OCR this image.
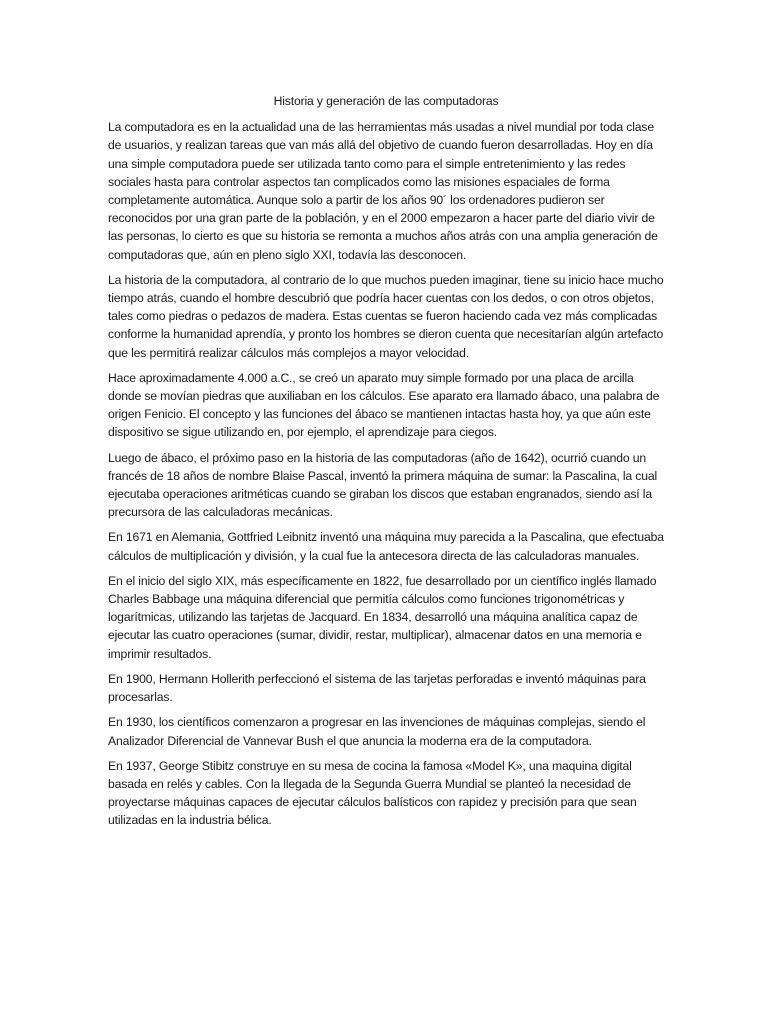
Historia y generación de las computadoras

La computadora es en la actualidad una de las herramientas más usadas a nivel mundial por toda clase de usuarios, y realizan tareas que van más allá del objetivo de cuando fueron desarrolladas. Hoy en día una simple computadora puede ser utilizada tanto como para el simple entretenimiento y las redes sociales hasta para controlar aspectos tan complicados como las misiones espaciales de forma completamente automática. Aunque solo a partir de los años 90´ los ordenadores pudieron ser reconocidos por una gran parte de la población, y en el 2000 empezaron a hacer parte del diario vivir de las personas, lo cierto es que su historia se remonta a muchos años atrás con una amplia generación de computadoras que, aún en pleno siglo XXI, todavía las desconocen.

La historia de la computadora, al contrario de lo que muchos pueden imaginar, tiene su inicio hace mucho tiempo atrás, cuando el hombre descubrió que podría hacer cuentas con los dedos, o con otros objetos, tales como piedras o pedazos de madera. Estas cuentas se fueron haciendo cada vez más complicadas conforme la humanidad aprendía, y pronto los hombres se dieron cuenta que necesitarían algún artefacto que les permitirá realizar cálculos más complejos a mayor velocidad.

Hace aproximadamente 4.000 a.C., se creó un aparato muy simple formado por una placa de arcilla donde se movían piedras que auxiliaban en los cálculos. Ese aparato era llamado ábaco, una palabra de origen Fenicio. El concepto y las funciones del ábaco se mantienen intactas hasta hoy, ya que aún este dispositivo se sigue utilizando en, por ejemplo, el aprendizaje para ciegos.

Luego de ábaco, el próximo paso en la historia de las computadoras (año de 1642), ocurrió cuando un francés de 18 años de nombre Blaise Pascal, inventó la primera máquina de sumar: la Pascalina, la cual ejecutaba operaciones aritméticas cuando se giraban los discos que estaban engranados, siendo así la precursora de las calculadoras mecánicas.

En 1671 en Alemania, Gottfried Leibnitz inventó una máquina muy parecida a la Pascalina, que efectuaba cálculos de multiplicación y división, y la cual fue la antecesora directa de las calculadoras manuales.

En el inicio del siglo XIX, más específicamente en 1822, fue desarrollado por un científico inglés llamado Charles Babbage una máquina diferencial que permitía cálculos como funciones trigonométricas y logarítmicas, utilizando las tarjetas de Jacquard. En 1834, desarrolló una máquina analítica capaz de ejecutar las cuatro operaciones (sumar, dividir, restar, multiplicar), almacenar datos en una memoria e imprimir resultados.

En 1900, Hermann Hollerith perfeccionó el sistema de las tarjetas perforadas e inventó máquinas para procesarlas.

En 1930, los científicos comenzaron a progresar en las invenciones de máquinas complejas, siendo el Analizador Diferencial de Vannevar Bush el que anuncia la moderna era de la computadora.

En 1937, George Stibitz construye en su mesa de cocina la famosa «Model K», una maquina digital basada en relés y cables. Con la llegada de la Segunda Guerra Mundial se planteó la necesidad de proyectarse máquinas capaces de ejecutar cálculos balísticos con rapidez y precisión para que sean utilizadas en la industria bélica.
